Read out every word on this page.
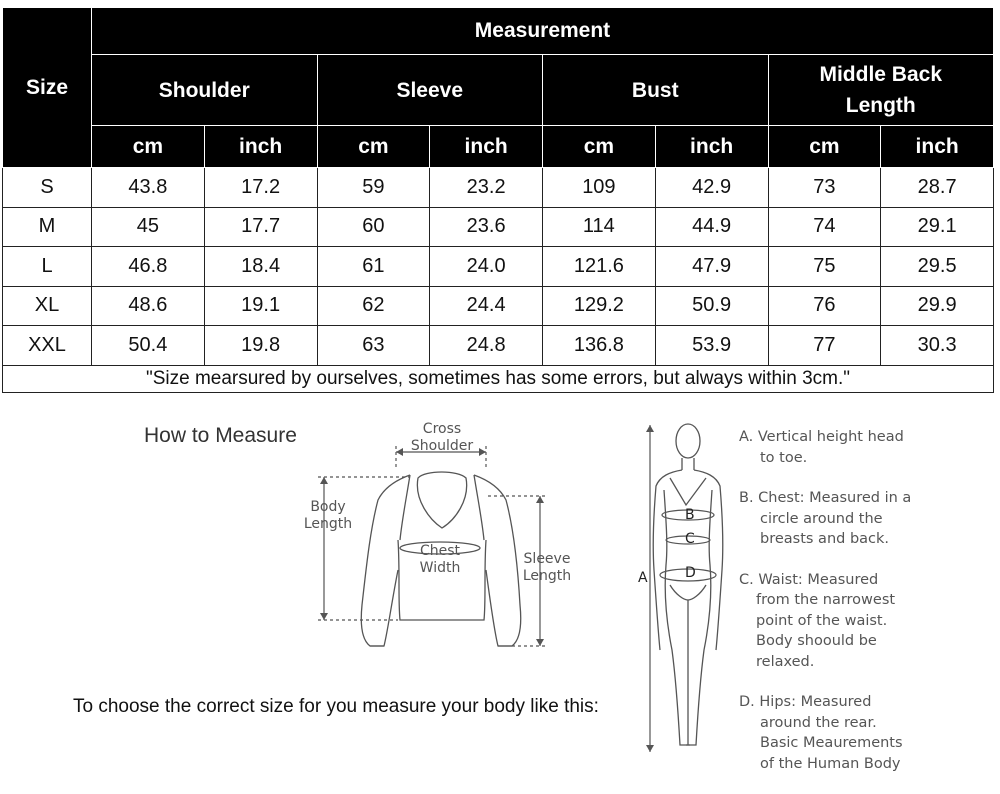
Size	Measurement							
	Shoulder		Sleeve		Bust		Middle Back
Length	
	cm	inch	cm	inch	cm	inch	cm	inch
S	43.8	17.2	59	23.2	109	42.9	73	28.7
M	45	17.7	60	23.6	114	44.9	74	29.1
L	46.8	18.4	61	24.0	121.6	47.9	75	29.5
XL	48.6	19.1	62	24.4	129.2	50.9	76	29.9
XXL	50.4	19.8	63	24.8	136.8	53.9	77	30.3
"Size mearsured by ourselves, sometimes has some errors, but always within 3cm."								
How to Measure	Cross
Shoulder
Body
Length
Chest
Width
Sleeve
Length	A
B
C
D
A. Vertical height head
to toe.
B. Chest: Measured in a
circle around the
breasts and back.
C. Waist: Measured
from the narrowest
point of the waist.
Body shoould be
relaxed.
D. Hips: Measured
around the rear.
Basic Meaurements
of the Human Body
To choose the correct size for you measure your body like this:
